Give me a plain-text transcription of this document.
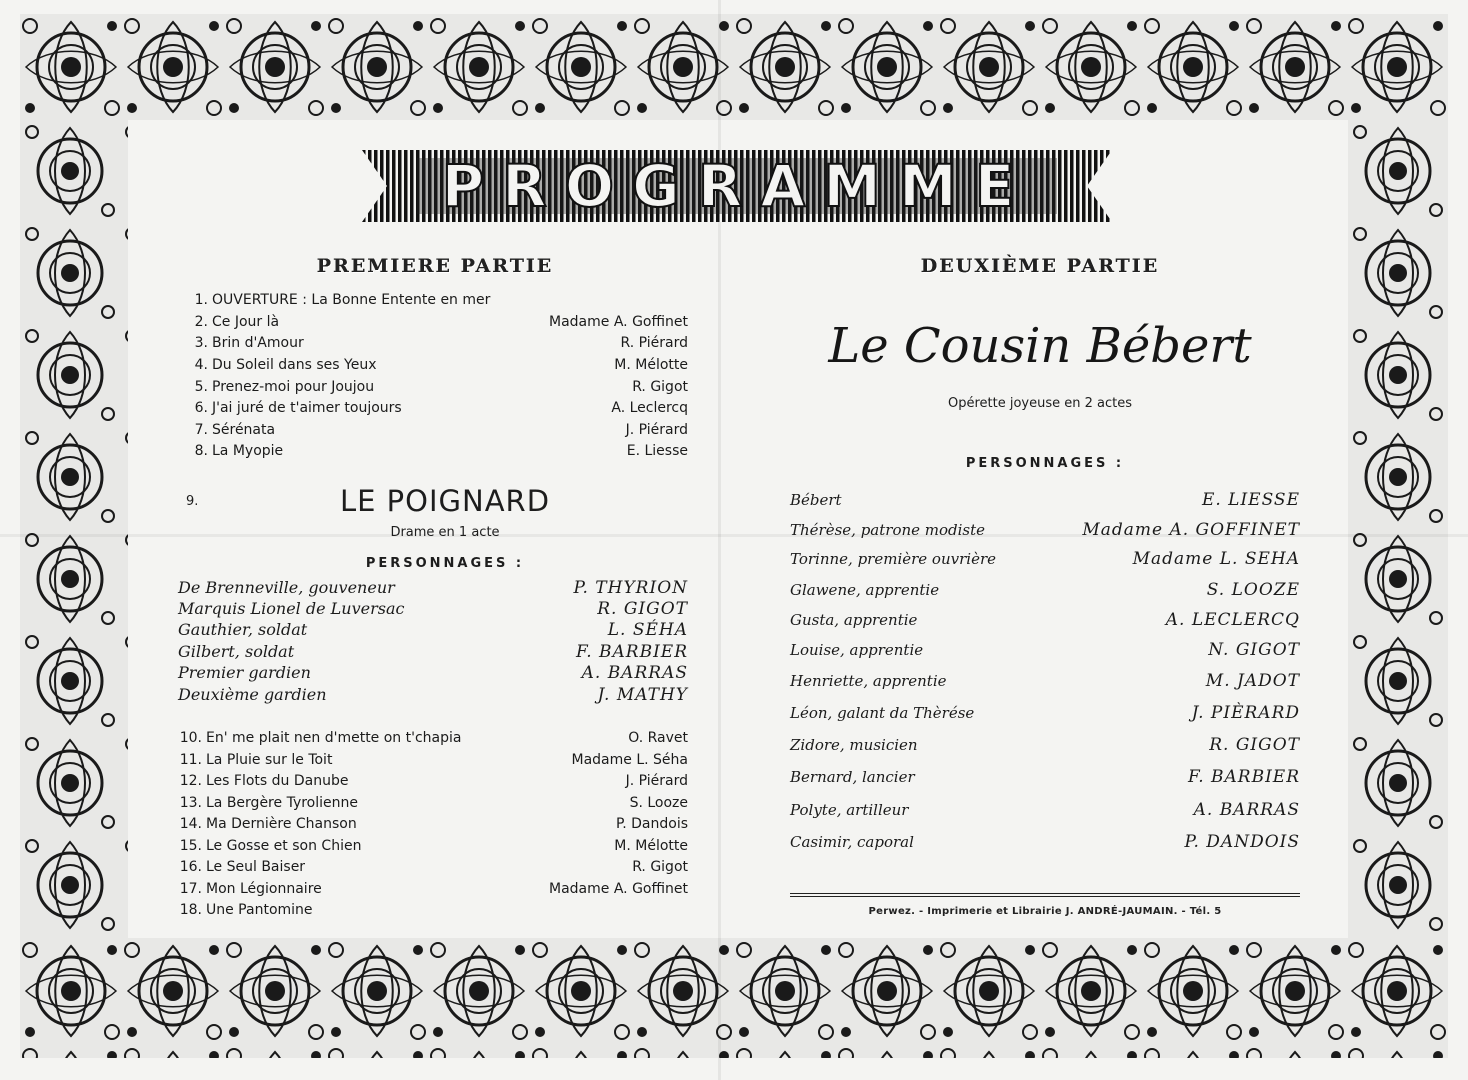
PROGRAMME
PREMIERE PARTIE	DEUXIÈME PARTIE
1. OUVERTURE : La Bonne Entente en mer
2. Ce Jour là	Madame A. Goffinet
3. Brin d'Amour	R. Piérard
4. Du Soleil dans ses Yeux	M. Mélotte
5. Prenez-moi pour Joujou	R. Gigot
6. J'ai juré de t'aimer toujours	A. Leclercq
7. Sérénata	J. Piérard
8. La Myopie	E. Liesse
9.	LE POIGNARD
Drame en 1 acte
PERSONNAGES :
De Brenneville, gouveneur	P. THYRION
Marquis Lionel de Luversac	R. GIGOT
Gauthier, soldat	L. SÉHA
Gilbert, soldat	F. BARBIER
Premier gardien	A. BARRAS
Deuxième gardien	J. MATHY
10. En' me plait nen d'mette on t'chapia	O. Ravet
11. La Pluie sur le Toit	Madame L. Séha
12. Les Flots du Danube	J. Piérard
13. La Bergère Tyrolienne	S. Looze
14. Ma Dernière Chanson	P. Dandois
15. Le Gosse et son Chien	M. Mélotte
16. Le Seul Baiser	R. Gigot
17. Mon Légionnaire	Madame A. Goffinet
18. Une Pantomine
Le Cousin Bébert
Opérette joyeuse en 2 actes
PERSONNAGES :
Bébert	E. LIESSE
Thérèse, patrone modiste	Madame A. GOFFINET
Torinne, première ouvrière	Madame L. SEHA
Glawene, apprentie	S. LOOZE
Gusta, apprentie	A. LECLERCQ
Louise, apprentie	N. GIGOT
Henriette, apprentie	M. JADOT
Léon, galant da Thèrése	J. PIÈRARD
Zidore, musicien	R. GIGOT
Bernard, lancier	F. BARBIER
Polyte, artilleur	A. BARRAS
Casimir, caporal	P. DANDOIS
Perwez. - Imprimerie et Librairie J. ANDRÉ-JAUMAIN. - Tél. 5
